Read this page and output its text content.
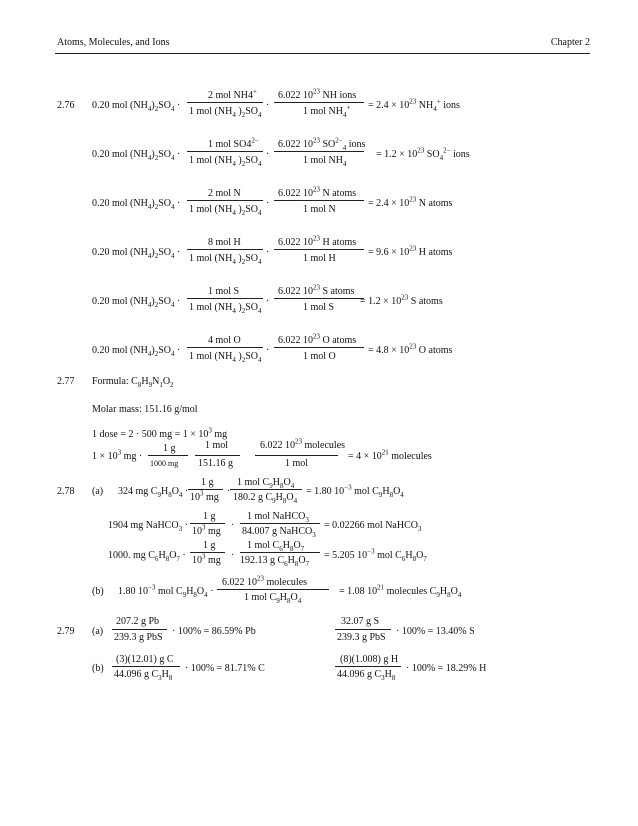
Atoms, Molecules, and Ions	Chapter 2
2.76 0.20 mol $(NH_4)_2SO_4$ ·
2 mol NH4+
1 mol ($NH_4$ )$_2SO_4$
·
6.022 $10^{23}$ NH ions
1 mol $NH_4^+ = 2.4 \times 10^{23}$ $NH_4^+$ ions
0.20 mol $(NH_4)_2SO_4$ ·
1 mol $SO4^{2-}$
1 mol ($NH_4$ )$_2SO_4$
·
6.022 $10^{23}$ $SO^{2-}_4$ ions
1 mol $NH_4$
= $1.2 \times 10^{23}$ $SO_4^{2-}$ ions
0.20 mol $(NH_4)_2SO_4$ ·
2 mol N
1 mol ($NH_4$ )$_2SO_4$
·
6.022 $10^{23}$ N atoms
1 mol N
= $2.4 \times 10^{23}$ N atoms
0.20 mol $(NH_4)_2SO_4$ ·
8 mol H
1 mol ($NH_4$ )$_2SO_4$
·
6.022 $10^{23}$ H atoms
1 mol H
= $9.6 \times 10^{23}$ H atoms
0.20 mol $(NH_4)_2SO_4$ ·
1 mol S
1 mol ($NH_4$ )$_2SO_4$
·
6.022 $10^{23}$ S atoms
1 mol S
= $1.2 \times 10^{23}$ S atoms
0.20 mol $(NH_4)_2SO_4$ ·
4 mol O
1 mol ($NH_4$ )$_2SO_4$
·
6.022 $10^{23}$ O atoms
1 mol O
= $4.8 \times 10^{23}$ O atoms
2.77 Formula: $C_8H_9N_1O_2$
Molar mass: 151.16 g/mol
1 dose = 2 · 500 mg = $1 \times 10^3$ mg
$1 \times 10^3$ mg ·
1 g
1000 mg
·
1 mol
151.16 g
·
6.022 $10^{23}$ molecules
1 mol
= $4 \times 10^{21}$ molecules
2.78 (a) 324 mg $C_9H_8O_4$ ·
1 g
$10^3$ mg
·
1 mol $C_9H_8O_4$
180.2 g $C_9H_8O_4$
= 1.80 $10^{-3}$ mol $C_9H_8O_4$
1904 mg NaHCO$_3$ ·
1 g
$10^3$ mg
·
1 mol NaHCO$_3$
84.007 g NaHCO$_3$
= 0.02266 mol NaHCO$_3$
1000. mg $C_6H_8O_7$ ·
1 g
$10^3$ mg ·
1 mol $C_6H_8O_7$
192.13 g $C_6H_8O_7$
= 5.205 $10^{-3}$ mol $C_6H_8O_7$
(b) 1.80 $10^{-3}$ mol $C_9H_8O_4$ ·
6.022 $10^{23}$ molecules
1 mol $C_9H_8O_4$
= 1.08 $10^{21}$ molecules $C_9H_8O_4$
2.79 (a)
207.2 g Pb
239.3 g PbS
· 100% = 86.59% Pb
32.07 g S
239.3 g PbS
· 100% = 13.40% S
(b)
(3)(12.01) g C
44.096 g $C_3H_8$
· 100% = 81.71% C
(8)(1.008) g H
44.096 g $C_3H_8$
· 100% = 18.29% H
